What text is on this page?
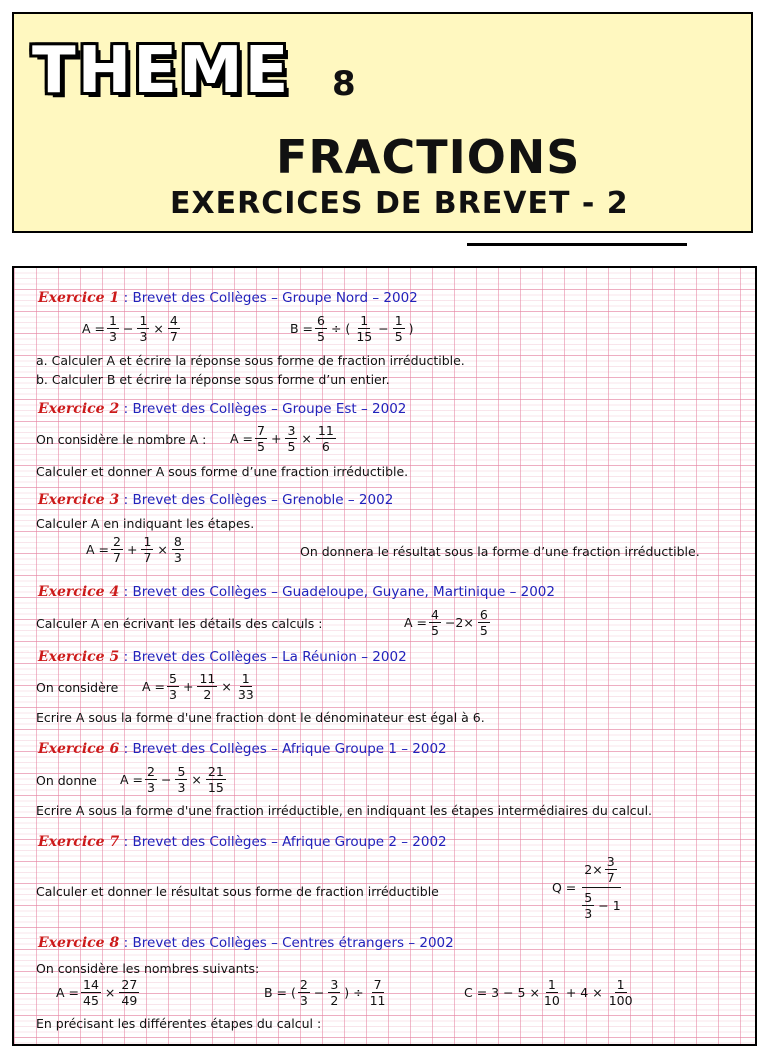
THEME 8
FRACTIONS
EXERCICES DE BREVET - 2
Exercice 1 : Brevet des Collèges – Groupe Nord – 2002
$A = \frac{1}{3} - \frac{1}{3} \times \frac{4}{7}$	$B = \frac{6}{5}$ ÷ ( $\frac{1}{15} - \frac{1}{5}$ )
a. Calculer A et écrire la réponse sous forme de fraction irréductible.
b. Calculer B et écrire la réponse sous forme d’un entier.
Exercice 2 : Brevet des Collèges – Groupe Est – 2002
On considère le nombre A : $A = \frac{7}{5} + \frac{3}{5} \times \frac{11}{6}$
Calculer et donner A sous forme d’une fraction irréductible.
Exercice 3 : Brevet des Collèges – Grenoble – 2002
Calculer A en indiquant les étapes.
$A = \frac{2}{7} + \frac{1}{7} \times \frac{8}{3}$	On donnera le résultat sous la forme d’une fraction irréductible.
Exercice 4 : Brevet des Collèges – Guadeloupe, Guyane, Martinique – 2002
Calculer A en écrivant les détails des calculs :	$A = \frac{4}{5} -2\times \frac{6}{5}$
Exercice 5 : Brevet des Collèges – La Réunion – 2002
On considère $A = \frac{5}{3} + \frac{11}{2} \times \frac{1}{33}$
Ecrire A sous la forme d'une fraction dont le dénominateur est égal à 6.
Exercice 6 : Brevet des Collèges – Afrique Groupe 1 – 2002
On donne $A = \frac{2}{3} - \frac{5}{3} \times \frac{21}{15}$
Ecrire A sous la forme d'une fraction irréductible, en indiquant les étapes intermédiaires du calcul.
Exercice 7 : Brevet des Collèges – Afrique Groupe 2 – 2002
Calculer et donner le résultat sous forme de fraction irréductible	$Q = \frac{2\times \frac{3}{7}}{\frac{5}{3} - 1}$
Exercice 8 : Brevet des Collèges – Centres étrangers – 2002
On considère les nombres suivants:
$A = \frac{14}{45} \times \frac{27}{49}$	B = ( $\frac{2}{3} - \frac{3}{2}$ ) ÷ $\frac{7}{11}$	$C = 3 - 5 \times \frac{1}{10} + 4 \times \frac{1}{100}$
En précisant les différentes étapes du calcul :
